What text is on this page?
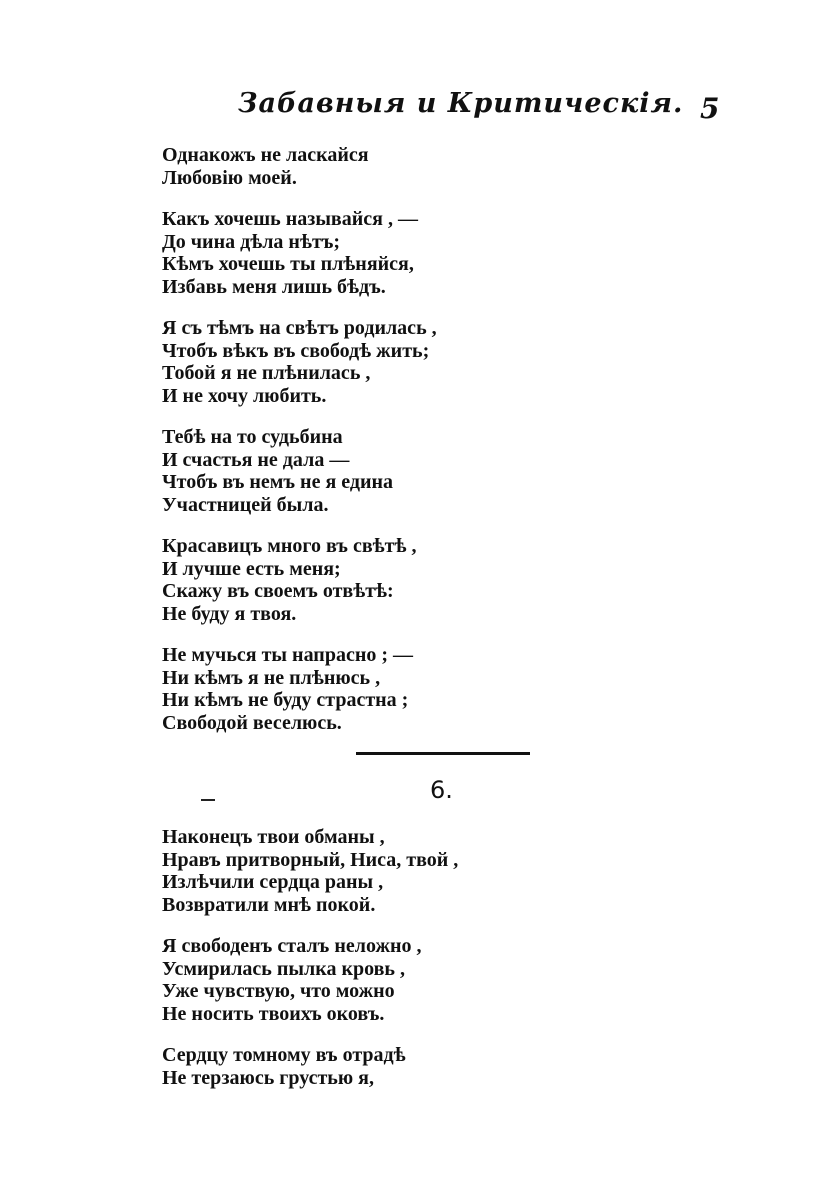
Забавныя и Критическія. 5
Однакожъ не ласкайся
Любовію моей.
Какъ хочешь называйся , —
До чина дѣла нѣтъ;
Кѣмъ хочешь ты плѣняйся,
Избавь меня лишь бѣдъ.
Я съ тѣмъ на свѣтъ родилась ,
Чтобъ вѣкъ въ свободѣ жить;
Тобой я не плѣнилась ,
И не хочу любить.
Тебѣ на то судьбина
И счастья не дала —
Чтобъ въ немъ не я едина
Участницей была.
Красавицъ много въ свѣтѣ ,
И лучше есть меня;
Скажу въ своемъ отвѣтѣ:
Не буду я твоя.
Не мучься ты напрасно ; —
Ни кѣмъ я не плѣнюсь ,
Ни кѣмъ не буду страстна ;
Свободой веселюсь.
6.
Наконецъ твои обманы ,
Нравъ притворный, Ниса, твой ,
Излѣчили сердца раны ,
Возвратили мнѣ покой.
Я свободенъ сталъ неложно ,
Усмирилась пылка кровь ,
Уже чувствую, что можно
Не носить твоихъ оковъ.
Сердцу томному въ отрадѣ
Не терзаюсь грустью я,
